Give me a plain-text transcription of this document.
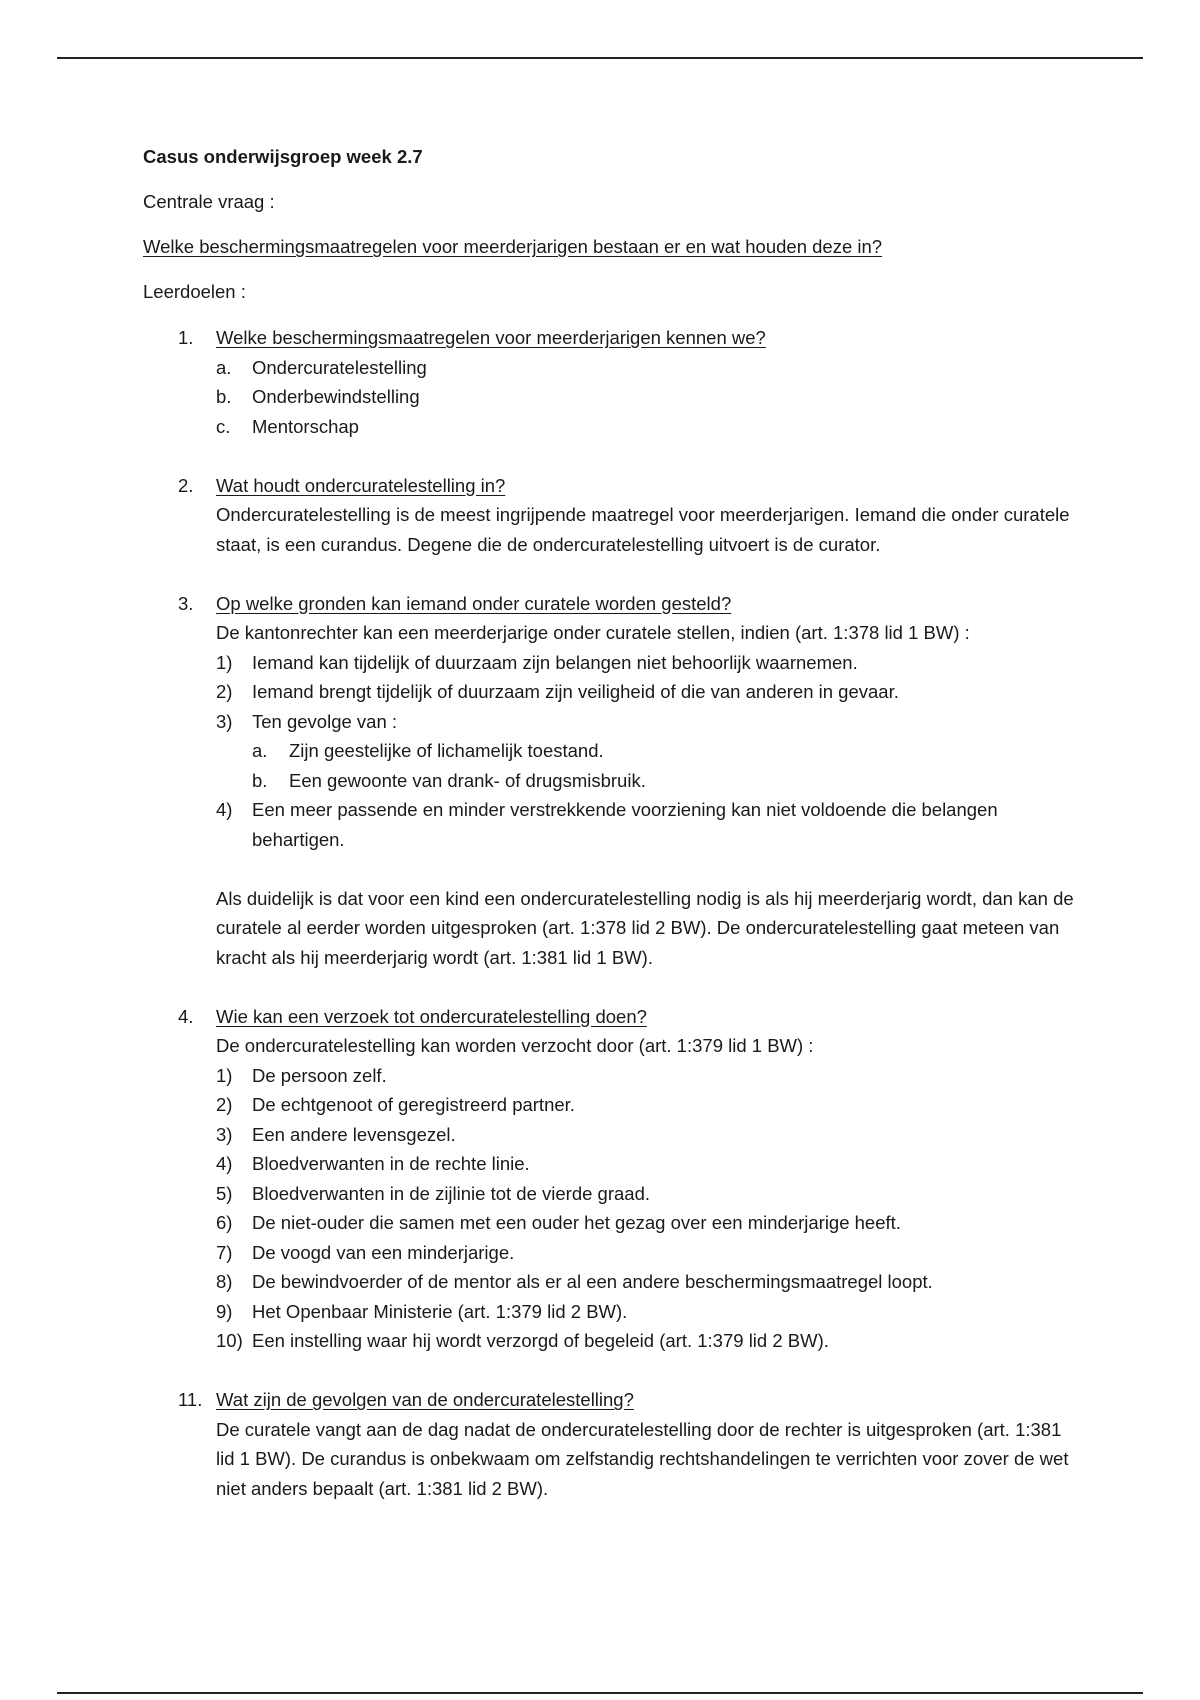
Casus onderwijsgroep week 2.7

Centrale vraag :

Welke beschermingsmaatregelen voor meerderjarigen bestaan er en wat houden deze in?

Leerdoelen :

1. Welke beschermingsmaatregelen voor meerderjarigen kennen we?
a. Ondercuratelestelling
b. Onderbewindstelling
c. Mentorschap
2. Wat houdt ondercuratelestelling in?
Ondercuratelestelling is de meest ingrijpende maatregel voor meerderjarigen. Iemand die onder curatele staat, is een curandus. Degene die de ondercuratelestelling uitvoert is de curator.
3. Op welke gronden kan iemand onder curatele worden gesteld?
De kantonrechter kan een meerderjarige onder curatele stellen, indien (art. 1:378 lid 1 BW) :
1) Iemand kan tijdelijk of duurzaam zijn belangen niet behoorlijk waarnemen.
2) Iemand brengt tijdelijk of duurzaam zijn veiligheid of die van anderen in gevaar.
3) Ten gevolge van :
a. Zijn geestelijke of lichamelijk toestand.
b. Een gewoonte van drank- of drugsmisbruik.
4) Een meer passende en minder verstrekkende voorziening kan niet voldoende die belangen behartigen.
Als duidelijk is dat voor een kind een ondercuratelestelling nodig is als hij meerderjarig wordt, dan kan de curatele al eerder worden uitgesproken (art. 1:378 lid 2 BW). De ondercuratelestelling gaat meteen van kracht als hij meerderjarig wordt (art. 1:381 lid 1 BW).
4. Wie kan een verzoek tot ondercuratelestelling doen?
De ondercuratelestelling kan worden verzocht door (art. 1:379 lid 1 BW) :
1) De persoon zelf.
2) De echtgenoot of geregistreerd partner.
3) Een andere levensgezel.
4) Bloedverwanten in de rechte linie.
5) Bloedverwanten in de zijlinie tot de vierde graad.
6) De niet-ouder die samen met een ouder het gezag over een minderjarige heeft.
7) De voogd van een minderjarige.
8) De bewindvoerder of de mentor als er al een andere beschermingsmaatregel loopt.
9) Het Openbaar Ministerie (art. 1:379 lid 2 BW).
10) Een instelling waar hij wordt verzorgd of begeleid (art. 1:379 lid 2 BW).
11. Wat zijn de gevolgen van de ondercuratelestelling?
De curatele vangt aan de dag nadat de ondercuratelestelling door de rechter is uitgesproken (art. 1:381 lid 1 BW). De curandus is onbekwaam om zelfstandig rechtshandelingen te verrichten voor zover de wet niet anders bepaalt (art. 1:381 lid 2 BW).
